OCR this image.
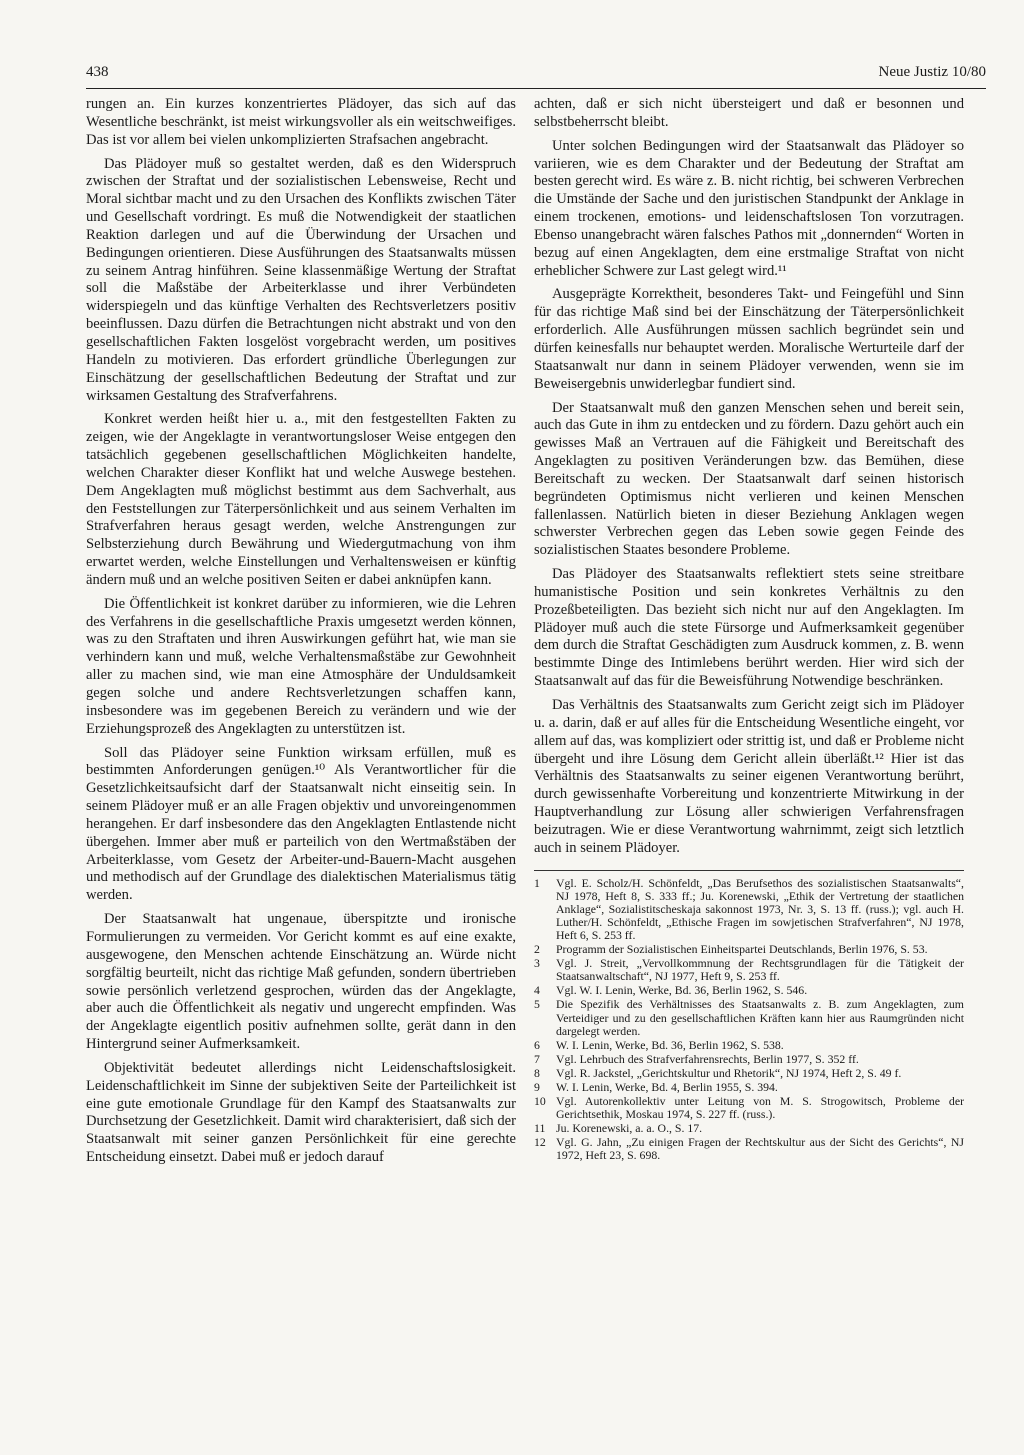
438	Neue Justiz 10/80

rungen an. Ein kurzes konzentriertes Plädoyer, das sich auf das Wesentliche beschränkt, ist meist wirkungsvoller als ein weitschweifiges. Das ist vor allem bei vielen unkomplizierten Strafsachen angebracht.

Das Plädoyer muß so gestaltet werden, daß es den Widerspruch zwischen der Straftat und der sozialistischen Lebensweise, Recht und Moral sichtbar macht und zu den Ursachen des Konflikts zwischen Täter und Gesellschaft vordringt. Es muß die Notwendigkeit der staatlichen Reaktion darlegen und auf die Überwindung der Ursachen und Bedingungen orientieren. Diese Ausführungen des Staatsanwalts müssen zu seinem Antrag hinführen. Seine klassenmäßige Wertung der Straftat soll die Maßstäbe der Arbeiterklasse und ihrer Verbündeten widerspiegeln und das künftige Verhalten des Rechtsverletzers positiv beeinflussen. Dazu dürfen die Betrachtungen nicht abstrakt und von den gesellschaftlichen Fakten losgelöst vorgebracht werden, um positives Handeln zu motivieren. Das erfordert gründliche Überlegungen zur Einschätzung der gesellschaftlichen Bedeutung der Straftat und zur wirksamen Gestaltung des Strafverfahrens.

Konkret werden heißt hier u. a., mit den festgestellten Fakten zu zeigen, wie der Angeklagte in verantwortungsloser Weise entgegen den tatsächlich gegebenen gesellschaftlichen Möglichkeiten handelte, welchen Charakter dieser Konflikt hat und welche Auswege bestehen. Dem Angeklagten muß möglichst bestimmt aus dem Sachverhalt, aus den Feststellungen zur Täterpersönlichkeit und aus seinem Verhalten im Strafverfahren heraus gesagt werden, welche Anstrengungen zur Selbsterziehung durch Bewährung und Wiedergutmachung von ihm erwartet werden, welche Einstellungen und Verhaltensweisen er künftig ändern muß und an welche positiven Seiten er dabei anknüpfen kann.

Die Öffentlichkeit ist konkret darüber zu informieren, wie die Lehren des Verfahrens in die gesellschaftliche Praxis umgesetzt werden können, was zu den Straftaten und ihren Auswirkungen geführt hat, wie man sie verhindern kann und muß, welche Verhaltensmaßstäbe zur Gewohnheit aller zu machen sind, wie man eine Atmosphäre der Unduldsamkeit gegen solche und andere Rechtsverletzungen schaffen kann, insbesondere was im gegebenen Bereich zu verändern und wie der Erziehungsprozeß des Angeklagten zu unterstützen ist.

Soll das Plädoyer seine Funktion wirksam erfüllen, muß es bestimmten Anforderungen genügen.¹⁰ Als Verantwortlicher für die Gesetzlichkeitsaufsicht darf der Staatsanwalt nicht einseitig sein. In seinem Plädoyer muß er an alle Fragen objektiv und unvoreingenommen herangehen. Er darf insbesondere das den Angeklagten Entlastende nicht übergehen. Immer aber muß er parteilich von den Wertmaßstäben der Arbeiterklasse, vom Gesetz der Arbeiter-und-Bauern-Macht ausgehen und methodisch auf der Grundlage des dialektischen Materialismus tätig werden.

Der Staatsanwalt hat ungenaue, überspitzte und ironische Formulierungen zu vermeiden. Vor Gericht kommt es auf eine exakte, ausgewogene, den Menschen achtende Einschätzung an. Würde nicht sorgfältig beurteilt, nicht das richtige Maß gefunden, sondern übertrieben sowie persönlich verletzend gesprochen, würden das der Angeklagte, aber auch die Öffentlichkeit als negativ und ungerecht empfinden. Was der Angeklagte eigentlich positiv aufnehmen sollte, gerät dann in den Hintergrund seiner Aufmerksamkeit.

Objektivität bedeutet allerdings nicht Leidenschaftslosigkeit. Leidenschaftlichkeit im Sinne der subjektiven Seite der Parteilichkeit ist eine gute emotionale Grundlage für den Kampf des Staatsanwalts zur Durchsetzung der Gesetzlichkeit. Damit wird charakterisiert, daß sich der Staatsanwalt mit seiner ganzen Persönlichkeit für eine gerechte Entscheidung einsetzt. Dabei muß er jedoch darauf

achten, daß er sich nicht übersteigert und daß er besonnen und selbstbeherrscht bleibt.

Unter solchen Bedingungen wird der Staatsanwalt das Plädoyer so variieren, wie es dem Charakter und der Bedeutung der Straftat am besten gerecht wird. Es wäre z. B. nicht richtig, bei schweren Verbrechen die Umstände der Sache und den juristischen Standpunkt der Anklage in einem trockenen, emotions- und leidenschaftslosen Ton vorzutragen. Ebenso unangebracht wären falsches Pathos mit „donnernden“ Worten in bezug auf einen Angeklagten, dem eine erstmalige Straftat von nicht erheblicher Schwere zur Last gelegt wird.¹¹

Ausgeprägte Korrektheit, besonderes Takt- und Feingefühl und Sinn für das richtige Maß sind bei der Einschätzung der Täterpersönlichkeit erforderlich. Alle Ausführungen müssen sachlich begründet sein und dürfen keinesfalls nur behauptet werden. Moralische Werturteile darf der Staatsanwalt nur dann in seinem Plädoyer verwenden, wenn sie im Beweisergebnis unwiderlegbar fundiert sind.

Der Staatsanwalt muß den ganzen Menschen sehen und bereit sein, auch das Gute in ihm zu entdecken und zu fördern. Dazu gehört auch ein gewisses Maß an Vertrauen auf die Fähigkeit und Bereitschaft des Angeklagten zu positiven Veränderungen bzw. das Bemühen, diese Bereitschaft zu wecken. Der Staatsanwalt darf seinen historisch begründeten Optimismus nicht verlieren und keinen Menschen fallenlassen. Natürlich bieten in dieser Beziehung Anklagen wegen schwerster Verbrechen gegen das Leben sowie gegen Feinde des sozialistischen Staates besondere Probleme.

Das Plädoyer des Staatsanwalts reflektiert stets seine streitbare humanistische Position und sein konkretes Verhältnis zu den Prozeßbeteiligten. Das bezieht sich nicht nur auf den Angeklagten. Im Plädoyer muß auch die stete Fürsorge und Aufmerksamkeit gegenüber dem durch die Straftat Geschädigten zum Ausdruck kommen, z. B. wenn bestimmte Dinge des Intimlebens berührt werden. Hier wird sich der Staatsanwalt auf das für die Beweisführung Notwendige beschränken.

Das Verhältnis des Staatsanwalts zum Gericht zeigt sich im Plädoyer u. a. darin, daß er auf alles für die Entscheidung Wesentliche eingeht, vor allem auf das, was kompliziert oder strittig ist, und daß er Probleme nicht übergeht und ihre Lösung dem Gericht allein überläßt.¹² Hier ist das Verhältnis des Staatsanwalts zu seiner eigenen Verantwortung berührt, durch gewissenhafte Vorbereitung und konzentrierte Mitwirkung in der Hauptverhandlung zur Lösung aller schwierigen Verfahrensfragen beizutragen. Wie er diese Verantwortung wahrnimmt, zeigt sich letztlich auch in seinem Plädoyer.

1	Vgl. E. Scholz/H. Schönfeldt, „Das Berufsethos des sozialistischen Staatsanwalts“, NJ 1978, Heft 8, S. 333 ff.; Ju. Korenewski, „Ethik der Vertretung der staatlichen Anklage“, Sozialistitscheskaja sakonnost 1973, Nr. 3, S. 13 ff. (russ.); vgl. auch H. Luther/H. Schönfeldt, „Ethische Fragen im sowjetischen Strafverfahren“, NJ 1978, Heft 6, S. 253 ff.
2	Programm der Sozialistischen Einheitspartei Deutschlands, Berlin 1976, S. 53.
3	Vgl. J. Streit, „Vervollkommnung der Rechtsgrundlagen für die Tätigkeit der Staatsanwaltschaft“, NJ 1977, Heft 9, S. 253 ff.
4	Vgl. W. I. Lenin, Werke, Bd. 36, Berlin 1962, S. 546.
5	Die Spezifik des Verhältnisses des Staatsanwalts z. B. zum Angeklagten, zum Verteidiger und zu den gesellschaftlichen Kräften kann hier aus Raumgründen nicht dargelegt werden.
6	W. I. Lenin, Werke, Bd. 36, Berlin 1962, S. 538.
7	Vgl. Lehrbuch des Strafverfahrensrechts, Berlin 1977, S. 352 ff.
8	Vgl. R. Jackstel, „Gerichtskultur und Rhetorik“, NJ 1974, Heft 2, S. 49 f.
9	W. I. Lenin, Werke, Bd. 4, Berlin 1955, S. 394.
10 Vgl. Autorenkollektiv unter Leitung von M. S. Strogowitsch, Probleme der Gerichtsethik, Moskau 1974, S. 227 ff. (russ.).
11 Ju. Korenewski, a. a. O., S. 17.
12 Vgl. G. Jahn, „Zu einigen Fragen der Rechtskultur aus der Sicht des Gerichts“, NJ 1972, Heft 23, S. 698.
